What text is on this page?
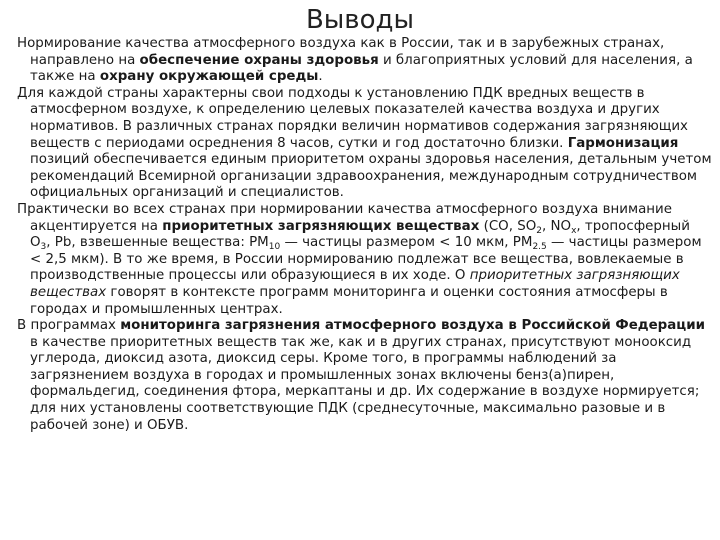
Выводы

Нормирование качества атмосферного воздуха как в России, так и в зарубежных странах, направлено на обеспечение охраны здоровья и благоприятных условий для населения, а также на охрану окружающей среды.

Для каждой страны характерны свои подходы к установлению ПДК вредных веществ в атмосферном воздухе, к определению целевых показателей качества воздуха и других нормативов. В различных странах порядки величин нормативов содержания загрязняющих веществ с периодами осреднения 8 часов, сутки и год достаточно близки. Гармонизация позиций обеспечивается единым приоритетом охраны здоровья населения, детальным учетом рекомендаций Всемирной организации здравоохранения, международным сотрудничеством официальных организаций и специалистов.

Практически во всех странах при нормировании качества атмосферного воздуха внимание акцентируется на приоритетных загрязняющих веществах (CO, $SO_2$, $NO_x$, тропосферный $O_3$, Pb, взвешенные вещества: $PM_{10}$ — частицы размером < 10 мкм, $PM_{2.5}$ — частицы размером < 2,5 мкм). В то же время, в России нормированию подлежат все вещества, вовлекаемые в производственные процессы или образующиеся в их ходе. О приоритетных загрязняющих веществах говорят в контексте программ мониторинга и оценки состояния атмосферы в городах и промышленных центрах.

В программах мониторинга загрязнения атмосферного воздуха в Российской Федерации в качестве приоритетных веществ так же, как и в других странах, присутствуют монооксид углерода, диоксид азота, диоксид серы. Кроме того, в программы наблюдений за загрязнением воздуха в городах и промышленных зонах включены бенз(а)пирен, формальдегид, соединения фтора, меркаптаны и др. Их содержание в воздухе нормируется; для них установлены соответствующие ПДК (среднесуточные, максимально разовые и в рабочей зоне) и ОБУВ.
